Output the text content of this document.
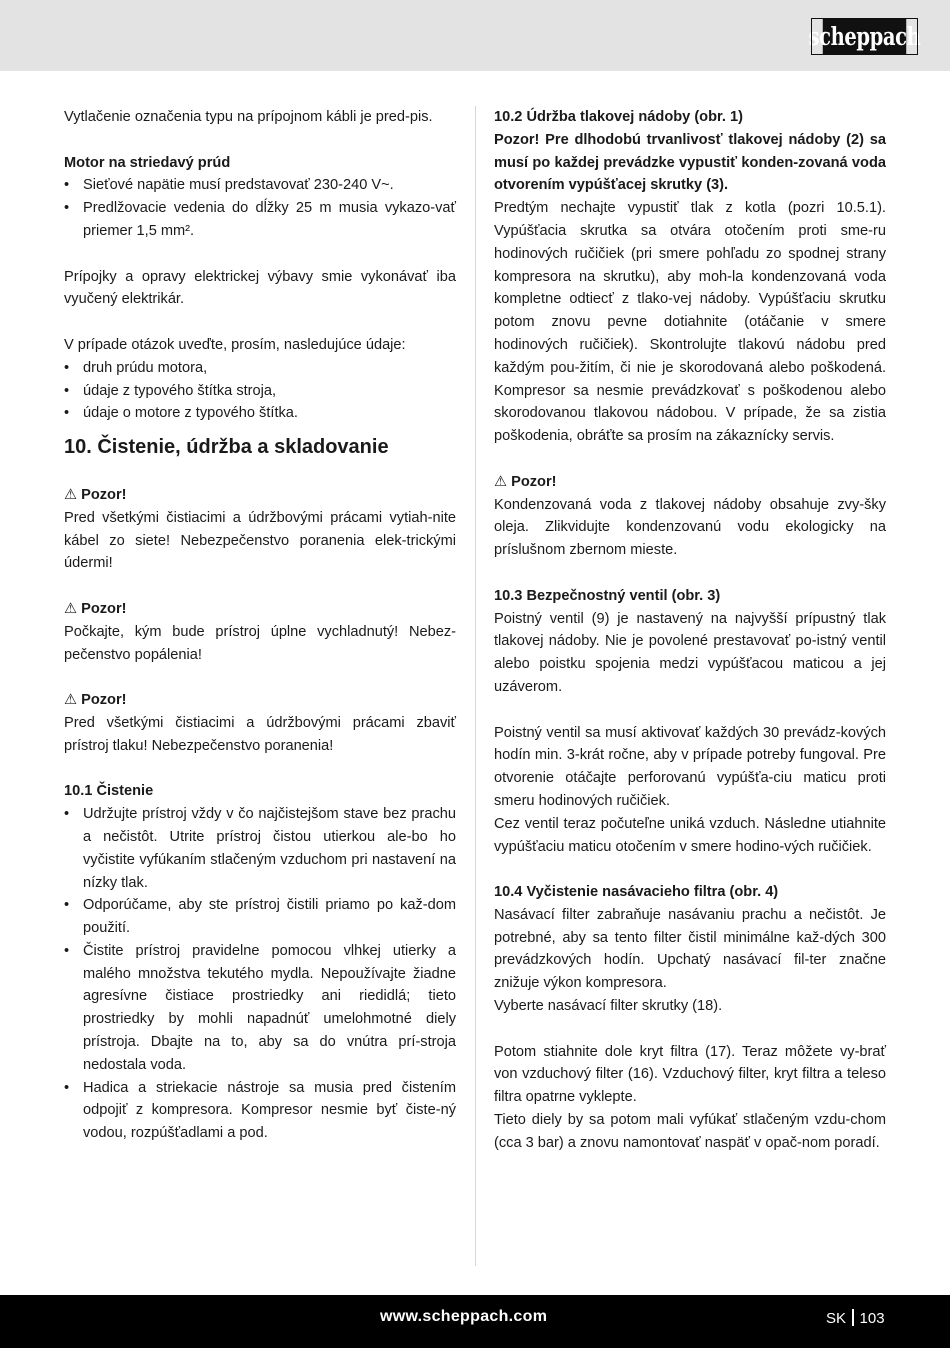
scheppach

Vytlačenie označenia typu na prípojnom kábli je pred-pis.

Motor na striedavý prúd

• Sieťové napätie musí predstavovať 230-240 V~.
• Predlžovacie vedenia do dĺžky 25 m musia vykazo-vať priemer 1,5 mm².

Prípojky a opravy elektrickej výbavy smie vykonávať iba vyučený elektrikár.

V prípade otázok uveďte, prosím, nasledujúce údaje:

• druh prúdu motora,
• údaje z typového štítka stroja,
• údaje o motore z typového štítka.

10. Čistenie, údržba a skladovanie

⚠ Pozor!

Pred všetkými čistiacimi a údržbovými prácami vytiah-nite kábel zo siete! Nebezpečenstvo poranenia elek-trickými údermi!

⚠ Pozor!

Počkajte, kým bude prístroj úplne vychladnutý! Nebez-pečenstvo popálenia!

⚠ Pozor!

Pred všetkými čistiacimi a údržbovými prácami zbaviť prístroj tlaku! Nebezpečenstvo poranenia!

10.1 Čistenie

• Udržujte prístroj vždy v čo najčistejšom stave bez prachu a nečistôt. Utrite prístroj čistou utierkou ale-bo ho vyčistite vyfúkaním stlačeným vzduchom pri nastavení na nízky tlak.
• Odporúčame, aby ste prístroj čistili priamo po kaž-dom použití.
• Čistite prístroj pravidelne pomocou vlhkej utierky a malého množstva tekutého mydla. Nepoužívajte žiadne agresívne čistiace prostriedky ani riedidlá; tieto prostriedky by mohli napadnúť umelohmotné diely prístroja. Dbajte na to, aby sa do vnútra prí-stroja nedostala voda.
• Hadica a striekacie nástroje sa musia pred čistením odpojiť z kompresora. Kompresor nesmie byť čiste-ný vodou, rozpúšťadlami a pod.

10.2 Údržba tlakovej nádoby (obr. 1)

Pozor! Pre dlhodobú trvanlivosť tlakovej nádoby (2) sa musí po každej prevádzke vypustiť konden-zovaná voda otvorením vypúšťacej skrutky (3).

Predtým nechajte vypustiť tlak z kotla (pozri 10.5.1). Vypúšťacia skrutka sa otvára otočením proti sme-ru hodinových ručičiek (pri smere pohľadu zo spodnej strany kompresora na skrutku), aby moh-la kondenzovaná voda kompletne odtiecť z tlako-vej nádoby. Vypúšťaciu skrutku potom znovu pevne dotiahnite (otáčanie v smere hodinových ručičiek). Skontrolujte tlakovú nádobu pred každým pou-žitím, či nie je skorodovaná alebo poškodená. Kompresor sa nesmie prevádzkovať s poškodenou alebo skorodovanou tlakovou nádobou. V prípade, že sa zistia poškodenia, obráťte sa prosím na zákaznícky servis.

⚠ Pozor!

Kondenzovaná voda z tlakovej nádoby obsahuje zvy-šky oleja. Zlikvidujte kondenzovanú vodu ekologicky na príslušnom zbernom mieste.

10.3 Bezpečnostný ventil (obr. 3)

Poistný ventil (9) je nastavený na najvyšší prípustný tlak tlakovej nádoby. Nie je povolené prestavovať po-istný ventil alebo poistku spojenia medzi vypúšťacou maticou a jej uzáverom.

Poistný ventil sa musí aktivovať každých 30 prevádz-kových hodín min. 3-krát ročne, aby v prípade potreby fungoval. Pre otvorenie otáčajte perforovanú vypúšťa-ciu maticu proti smeru hodinových ručičiek.

Cez ventil teraz počuteľne uniká vzduch. Následne utiahnite vypúšťaciu maticu otočením v smere hodino-vých ručičiek.

10.4 Vyčistenie nasávacieho filtra (obr. 4)

Nasávací filter zabraňuje nasávaniu prachu a nečistôt. Je potrebné, aby sa tento filter čistil minimálne kaž-dých 300 prevádzkových hodín. Upchatý nasávací fil-ter značne znižuje výkon kompresora.

Vyberte nasávací filter skrutky (18).

Potom stiahnite dole kryt filtra (17). Teraz môžete vy-brať von vzduchový filter (16). Vzduchový filter, kryt filtra a teleso filtra opatrne vyklepte.

Tieto diely by sa potom mali vyfúkať stlačeným vzdu-chom (cca 3 bar) a znovu namontovať naspäť v opač-nom poradí.

www.scheppach.com	SK 103
